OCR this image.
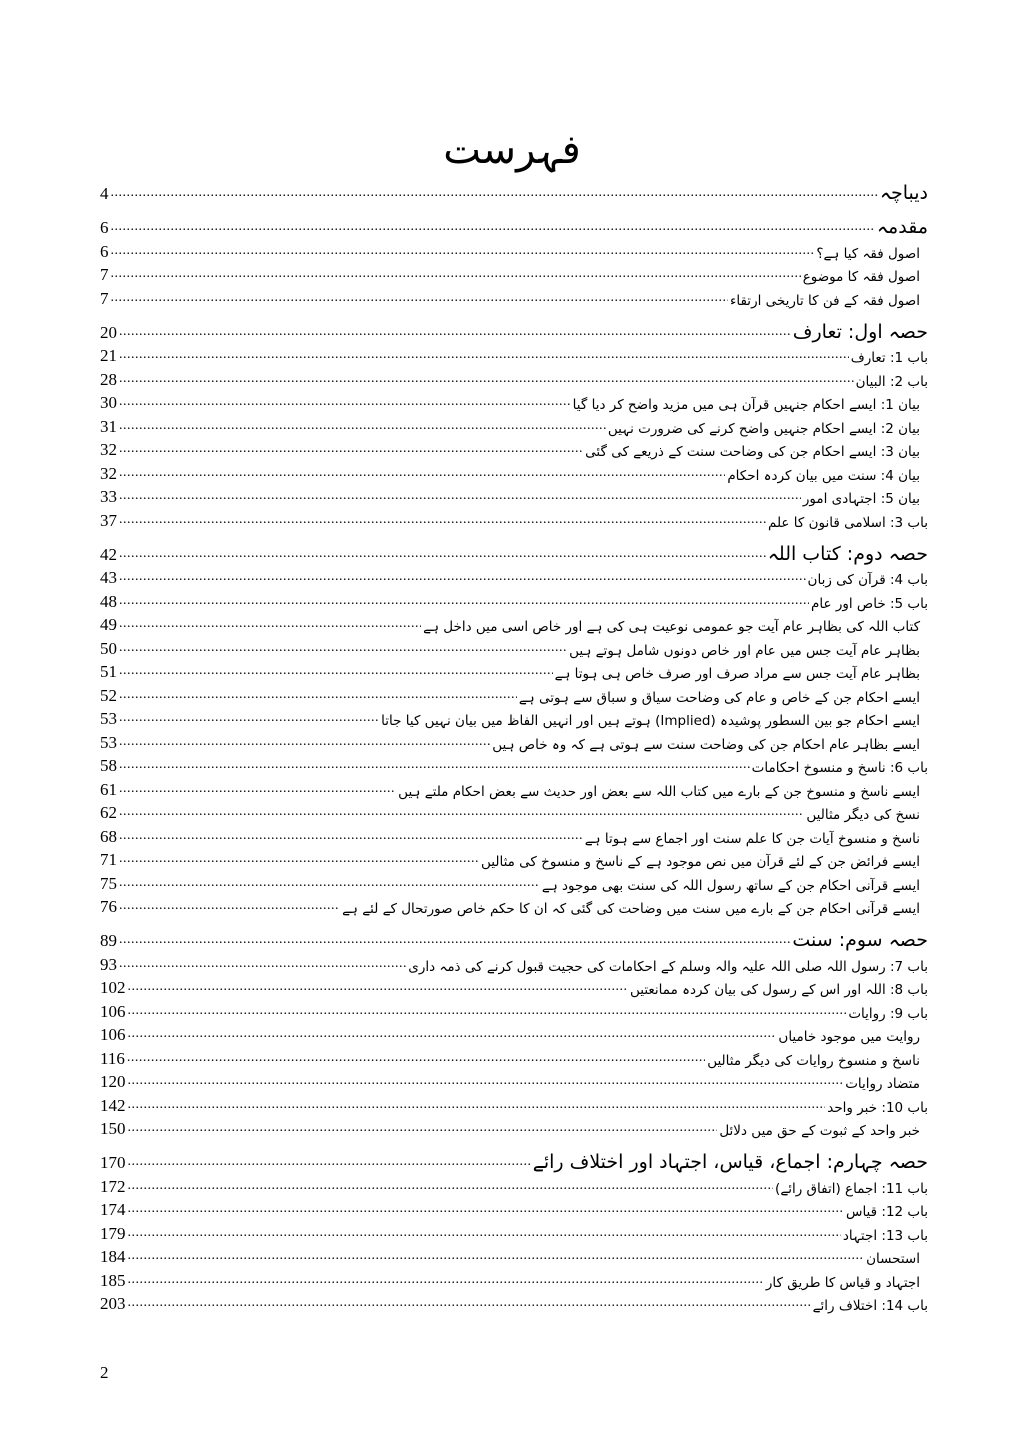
فہرست
دیباچہ
.....
4
مقدمہ
.....
6
اصول فقہ کیا ہے؟
.....
6
اصول فقہ کا موضوع
.....
7
اصول فقہ کے فن کا تاریخی ارتقاء
.....
7
حصہ اول: تعارف
.....
20
باب 1: تعارف
.....
21
باب 2: البیان
.....
28
بیان 1: ایسے احکام جنہیں قرآن ہی میں مزید واضح کر دیا گیا
.....
30
بیان 2: ایسے احکام جنہیں واضح کرنے کی ضرورت نہیں
.....
31
بیان 3: ایسے احکام جن کی وضاحت سنت کے ذریعے کی گئی
.....
32
بیان 4: سنت میں بیان کردہ احکام
.....
32
بیان 5: اجتہادی امور
.....
33
باب 3: اسلامی قانون کا علم
.....
37
حصہ دوم: کتاب اللہ
.....
42
باب 4: قرآن کی زبان
.....
43
باب 5: خاص اور عام
.....
48
کتاب اللہ کی بظاہر عام آیت جو عمومی نوعیت ہی کی ہے اور خاص اسی میں داخل ہے
.....
49
بظاہر عام آیت جس میں عام اور خاص دونوں شامل ہوتے ہیں
.....
50
بظاہر عام آیت جس سے مراد صرف اور صرف خاص ہی ہوتا ہے
.....
51
ایسے احکام جن کے خاص و عام کی وضاحت سیاق و سباق سے ہوتی ہے
.....
52
ایسے احکام جو بین السطور پوشیدہ (Implied) ہوتے ہیں اور انہیں الفاظ میں بیان نہیں کیا جاتا
.....
53
ایسے بظاہر عام احکام جن کی وضاحت سنت سے ہوتی ہے کہ وہ خاص ہیں
.....
53
باب 6: ناسخ و منسوخ احکامات
.....
58
ایسے ناسخ و منسوخ جن کے بارے میں کتاب اللہ سے بعض اور حدیث سے بعض احکام ملتے ہیں
.....
61
نسخ کی دیگر مثالیں
.....
62
ناسخ و منسوخ آیات جن کا علم سنت اور اجماع سے ہوتا ہے
.....
68
ایسے فرائض جن کے لئے قرآن میں نص موجود ہے کے ناسخ و منسوخ کی مثالیں
.....
71
ایسے قرآنی احکام جن کے ساتھ رسول اللہ کی سنت بھی موجود ہے
.....
75
ایسے قرآنی احکام جن کے بارے میں سنت میں وضاحت کی گئی کہ ان کا حکم خاص صورتحال کے لئے ہے
.....
76
حصہ سوم: سنت
.....
89
باب 7: رسول اللہ صلی اللہ علیہ والہ وسلم کے احکامات کی حجیت قبول کرنے کی ذمہ داری
.....
93
باب 8: اللہ اور اس کے رسول کی بیان کردہ ممانعتیں
.....
102
باب 9: روایات
.....
106
روایت میں موجود خامیاں
.....
106
ناسخ و منسوخ روایات کی دیگر مثالیں
.....
116
متضاد روایات
.....
120
باب 10: خبر واحد
.....
142
خبر واحد کے ثبوت کے حق میں دلائل
.....
150
حصہ چہارم: اجماع، قیاس، اجتہاد اور اختلاف رائے
.....
170
باب 11: اجماع (اتفاق رائے)
.....
172
باب 12: قیاس
.....
174
باب 13: اجتہاد
.....
179
استحسان
.....
184
اجتہاد و قیاس کا طریق کار
.....
185
باب 14: اختلاف رائے
.....
203
2
